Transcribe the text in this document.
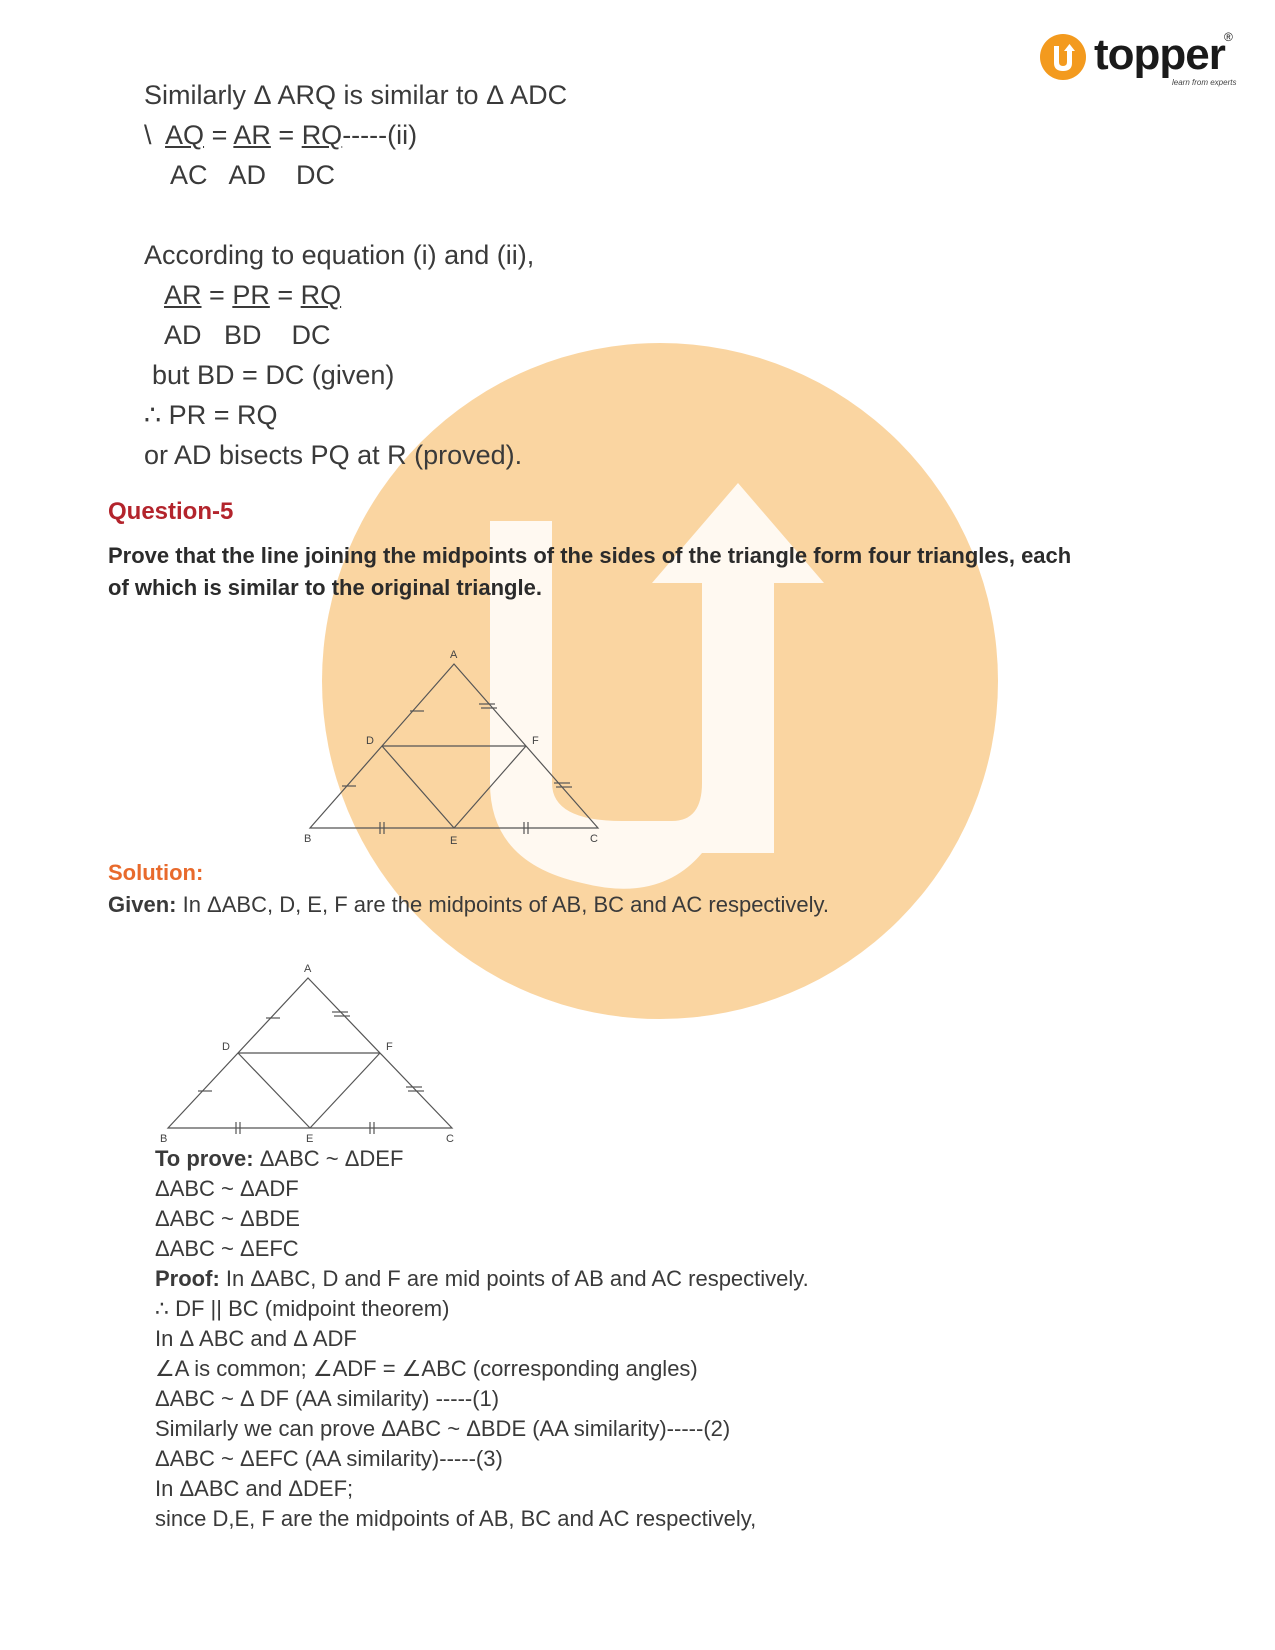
topper ®
learn from experts
Similarly Δ ARQ is similar to Δ ADC
\ AQ = AR = RQ-----(ii)
AC   AD    DC
According to equation (i) and (ii),
AR = PR = RQ
AD   BD    DC
but BD = DC (given)
∴ PR = RQ
or AD bisects PQ at R (proved).
Question-5
Prove that the line joining the midpoints of the sides of the triangle form four triangles, each of which is similar to the original triangle.
A
B	C
D
E
F
Solution:
Given: In ΔABC, D, E, F are the midpoints of AB, BC and AC respectively.
A
B	C
D
E
F
To prove: ΔABC ~ ΔDEF
ΔABC ~ ΔADF
ΔABC ~ ΔBDE
ΔABC ~ ΔEFC
Proof: In ΔABC, D and F are mid points of AB and AC respectively.
∴ DF || BC (midpoint theorem)
In Δ ABC and Δ ADF
∠A is common; ∠ADF = ∠ABC (corresponding angles)
ΔABC ~ Δ DF (AA similarity) -----(1)
Similarly we can prove ΔABC ~ ΔBDE (AA similarity)-----(2)
ΔABC ~ ΔEFC (AA similarity)-----(3)
In ΔABC and ΔDEF;
since D,E, F are the midpoints of AB, BC and AC respectively,
